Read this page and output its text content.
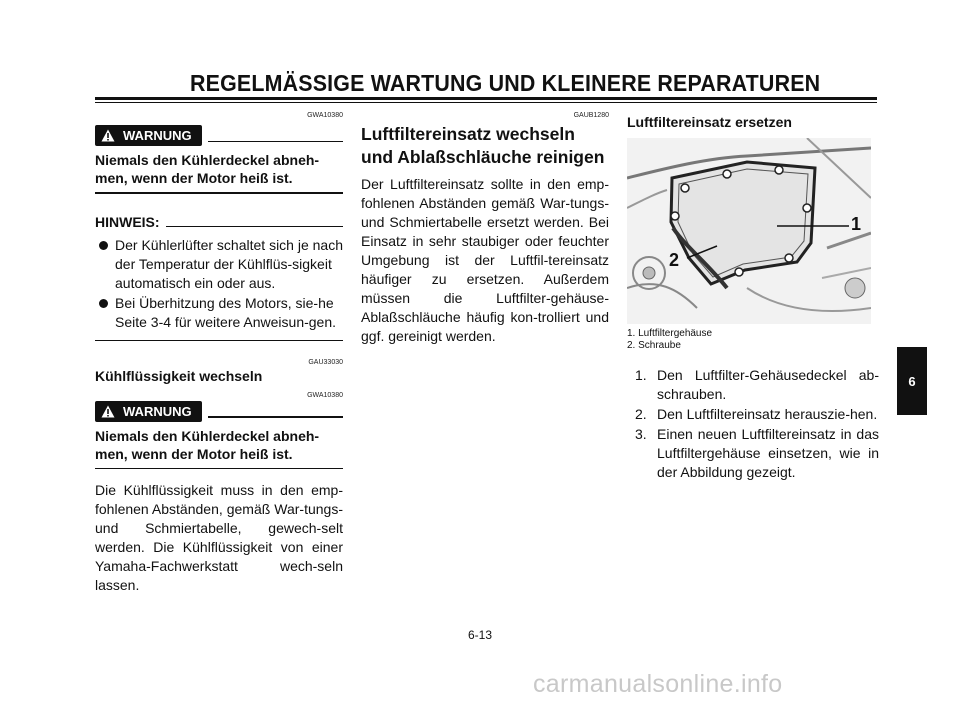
REGELMÄSSIGE WARTUNG UND KLEINERE REPARATUREN

GWA10380

WARNUNG

Niemals den Kühlerdeckel abneh-men, wenn der Motor heiß ist.

HINWEIS:
Der Kühlerlüfter schaltet sich je nach der Temperatur der Kühlflüs-sigkeit automatisch ein oder aus.
Bei Überhitzung des Motors, sie-he Seite 3-4 für weitere Anweisun-gen.

GAU33030

Kühlflüssigkeit wechseln

GWA10380

WARNUNG

Niemals den Kühlerdeckel abneh-men, wenn der Motor heiß ist.

Die Kühlflüssigkeit muss in den emp-fohlenen Abständen, gemäß War-tungs- und Schmiertabelle, gewech-selt werden. Die Kühlflüssigkeit von einer Yamaha-Fachwerkstatt wech-seln lassen.

GAUB1280

Luftfiltereinsatz wechseln und Ablaßschläuche reinigen

Der Luftfiltereinsatz sollte in den emp-fohlenen Abständen gemäß War-tungs- und Schmiertabelle ersetzt werden. Bei Einsatz in sehr staubiger oder feuchter Umgebung ist der Luftfil-tereinsatz häufiger zu ersetzen. Außerdem müssen die Luftfilter-gehäuse-Ablaßschläuche häufig kon-trolliert und ggf. gereinigt werden.

Luftfiltereinsatz ersetzen
1
2
1. Luftfiltergehäuse
2. Schraube
1. Den Luftfilter-Gehäusedeckel ab-schrauben.
2. Den Luftfiltereinsatz herauszie-hen.
3. Einen neuen Luftfiltereinsatz in das Luftfiltergehäuse einsetzen, wie in der Abbildung gezeigt.
6
6-13
carmanualsonline.info
